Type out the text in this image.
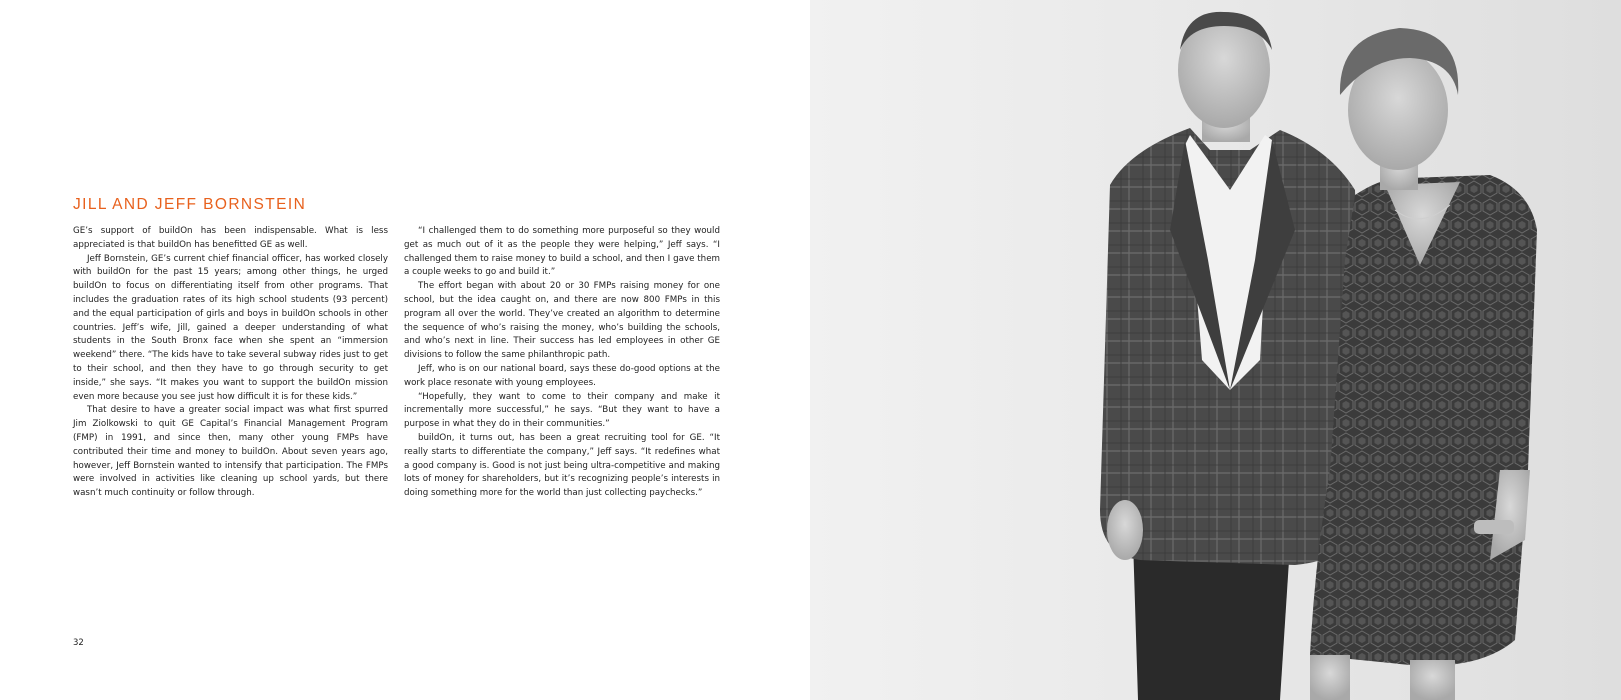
JILL AND JEFF BORNSTEIN

GE’s support of buildOn has been indispensable. What is less appreciated is that buildOn has benefitted GE as well.

Jeff Bornstein, GE’s current chief financial officer, has worked closely with buildOn for the past 15 years; among other things, he urged buildOn to focus on differentiating itself from other programs. That includes the graduation rates of its high school students (93 percent) and the equal participation of girls and boys in buildOn schools in other countries. Jeff’s wife, Jill, gained a deeper understanding of what students in the South Bronx face when she spent an “immersion weekend” there. “The kids have to take several subway rides just to get to their school, and then they have to go through security to get inside,” she says. “It makes you want to support the buildOn mission even more because you see just how difficult it is for these kids.”

That desire to have a greater social impact was what first spurred Jim Ziolkowski to quit GE Capital’s Financial Management Program (FMP) in 1991, and since then, many other young FMPs have contributed their time and money to buildOn. About seven years ago, however, Jeff Bornstein wanted to intensify that participation. The FMPs were involved in activities like cleaning up school yards, but there wasn’t much continuity or follow through.

“I challenged them to do something more purposeful so they would get as much out of it as the people they were helping,” Jeff says. “I challenged them to raise money to build a school, and then I gave them a couple weeks to go and build it.”

The effort began with about 20 or 30 FMPs raising money for one school, but the idea caught on, and there are now 800 FMPs in this program all over the world. They’ve created an algorithm to determine the sequence of who’s raising the money, who’s building the schools, and who’s next in line. Their success has led employees in other GE divisions to follow the same philanthropic path.

Jeff, who is on our national board, says these do-good options at the work place resonate with young employees.

“Hopefully, they want to come to their company and make it incrementally more successful,” he says. “But they want to have a purpose in what they do in their communities.”

buildOn, it turns out, has been a great recruiting tool for GE. “It really starts to differentiate the company,” Jeff says. “It redefines what a good company is. Good is not just being ultra-competitive and making lots of money for shareholders, but it’s recognizing people’s interests in doing something more for the world than just collecting paychecks.”

32
